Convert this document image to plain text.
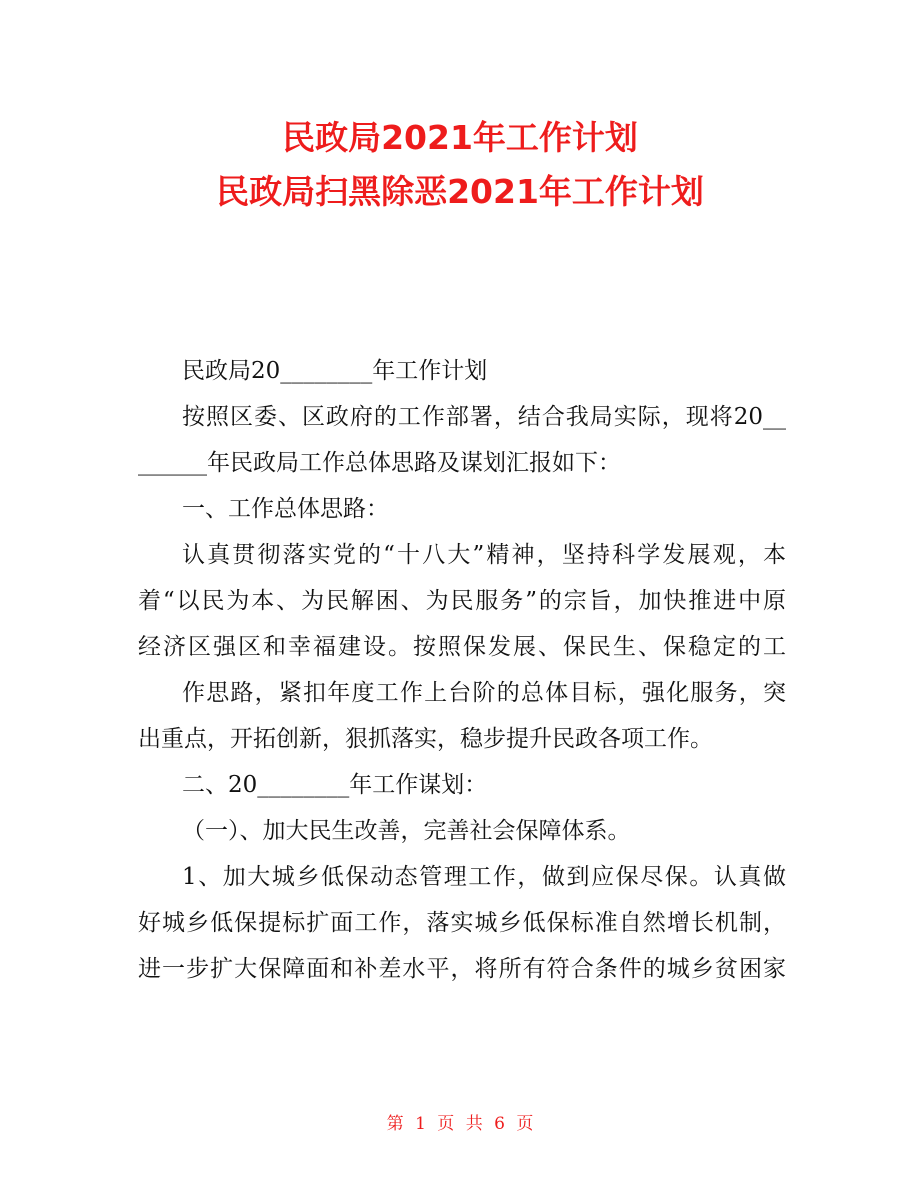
民政局2021年工作计划
民政局扫黑除恶2021年工作计划
民政局20________年工作计划
按照区委、区政府的工作部署，结合我局实际，现将20__
______年民政局工作总体思路及谋划汇报如下：
一、工作总体思路：
认真贯彻落实党的“十八大”精神，坚持科学发展观，本
着“以民为本、为民解困、为民服务”的宗旨，加快推进中原
经济区强区和幸福建设。按照保发展、保民生、保稳定的工
作思路，紧扣年度工作上台阶的总体目标，强化服务，突
出重点，开拓创新，狠抓落实，稳步提升民政各项工作。
二、20________年工作谋划：
（一）、加大民生改善，完善社会保障体系。
1、加大城乡低保动态管理工作，做到应保尽保。认真做
好城乡低保提标扩面工作，落实城乡低保标准自然增长机制，
进一步扩大保障面和补差水平，将所有符合条件的城乡贫困家
第 1 页 共 6 页
